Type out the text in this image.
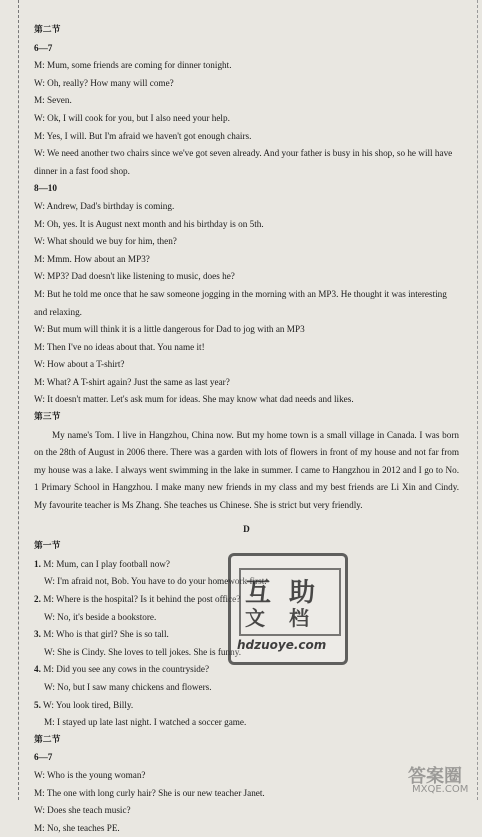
第二节
6—7
M: Mum, some friends are coming for dinner tonight.
W: Oh, really? How many will come?
M: Seven.
W: Ok, I will cook for you, but I also need your help.
M: Yes, I will. But I'm afraid we haven't got enough chairs.
W: We need another two chairs since we've got seven already. And your father is busy in his shop, so he will have dinner in a fast food shop.
8—10
W: Andrew, Dad's birthday is coming.
M: Oh, yes. It is August next month and his birthday is on 5th.
W: What should we buy for him, then?
M: Mmm. How about an MP3?
W: MP3? Dad doesn't like listening to music, does he?
M: But he told me once that he saw someone jogging in the morning with an MP3. He thought it was interesting and relaxing.
W: But mum will think it is a little dangerous for Dad to jog with an MP3
M: Then I've no ideas about that. You name it!
W: How about a T-shirt?
M: What? A T-shirt again? Just the same as last year?
W: It doesn't matter. Let's ask mum for ideas. She may know what dad needs and likes.
第三节
My name's Tom. I live in Hangzhou, China now. But my home town is a small village in Canada. I was born on the 28th of August in 2006 there. There was a garden with lots of flowers in front of my house and not far from my house was a lake. I always went swimming in the lake in summer. I came to Hangzhou in 2012 and I go to No. 1 Primary School in Hangzhou. I make many new friends in my class and my best friends are Li Xin and Cindy. My favourite teacher is Ms Zhang. She teaches us Chinese. She is strict but very friendly.
D
第一节
1. M: Mum, can I play football now?
W: I'm afraid not, Bob. You have to do your homework first.
2. M: Where is the hospital? Is it behind the post office?
W: No, it's beside a bookstore.
3. M: Who is that girl? She is so tall.
W: She is Cindy. She loves to tell jokes. She is funny.
4. M: Did you see any cows in the countryside?
W: No, but I saw many chickens and flowers.
5. W: You look tired, Billy.
M: I stayed up late last night. I watched a soccer game.
第二节
6—7
W: Who is the young woman?
M: The one with long curly hair? She is our new teacher Janet.
W: Does she teach music?
M: No, she teaches PE.
互 助
文 档
hdzuoye.com
答案圈
MXQE.COM
